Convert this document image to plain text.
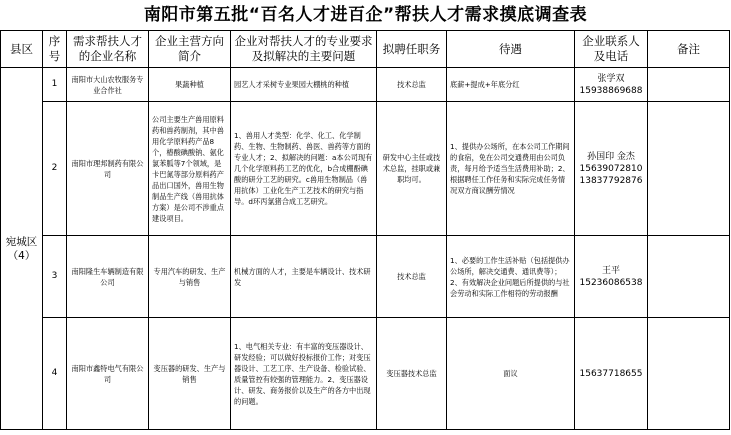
南阳市第五批“百名人才进百企”帮扶人才需求摸底调查表
县区	序号	需求帮扶人才的企业名称	企业主营方向简介	企业对帮扶人才的专业要求及拟解决的主要问题	拟聘任职务	待遇	企业联系人及电话	备注
宛城区（4）	1	南阳市大山农牧服务专业合作社	果蔬种植	园艺人才采树专业果园大棚桃的种植	技术总监	底薪+提成+年底分红	张学双
15938869688	

	2	南阳市理邦制药有限公司	公司主要生产兽用原料药和兽药制剂，其中兽用化学原料药产品8个，椿酸碘酸钠、氨化氯苯胍等7个领域，是卡巴氮等部分原料药产品出口国外，兽用生物制品生产线（兽用抗体方案）是公司不涉重点建设项目。	1、兽用人才类型：化学、化工、化学制药、生物、生物制药、兽医、兽药等方面的专业人才；2、拟解决的问题：a本公司现有几个化学原料药工艺的优化，b合成棚酚碘酸的研分工艺的研究。c兽用生物制品（兽用抗体）工业化生产工艺技术的研究与指导。d环丙氯猪合成工艺研究。	研发中心主任或技术总监，挂职或兼职均可。	1、提供办公场所，在本公司工作期间的食宿，免在公司交通费用由公司负责，每月给予适当生活费用补助；2、根据聘任工作任务和实际完成任务情况双方商议酬劳情况	孙国印 金杰
15639072810 13837792876	

	3	南阳隆生车辆制造有限公司	专用汽车的研发、生产与销售	机械方面的人才，主要是车辆设计、技术研发	技术总监	1、必要的工作生活补贴（包括提供办公场所，解决交通费、通讯费等）；2、有效解决企业问题后所提供的与社会劳动和实际工作相符的劳动报酬	王平
15236086538	

	4	南阳市鑫特电气有限公司	变压器的研发、生产与销售	1、电气相关专业：有丰富的变压器设计、研发经验；可以做好投标报价工作；对变压器设计、工艺工序、生产设备、检验试验、质量管控有较强的管理能力。2、变压器设计、研发、商务报价以及生产的各方中出现的问题。	变压器技术总监	面议	15637718655	
